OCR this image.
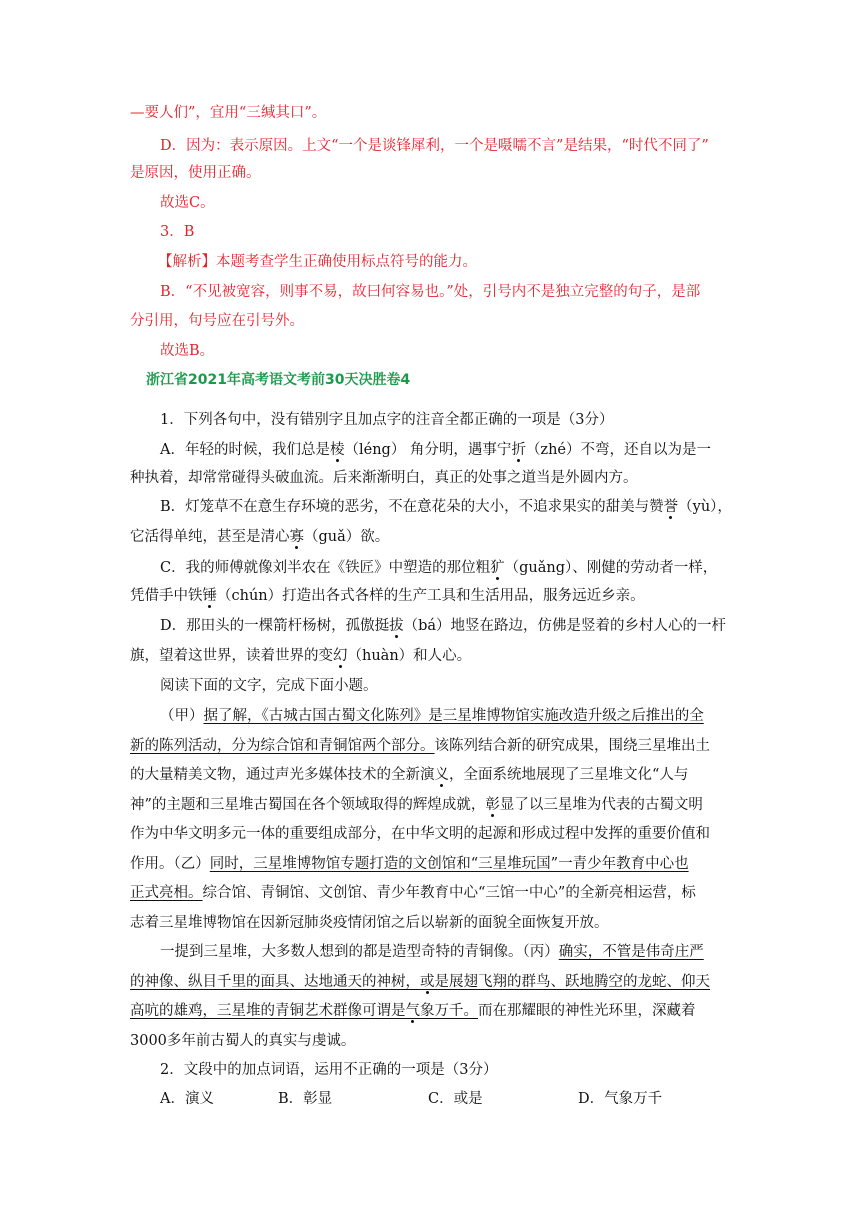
—要人们”，宜用“三缄其口”。
D．因为：表示原因。上文“一个是谈锋犀利，一个是嗫嚅不言”是结果，“时代不同了”
是原因，使用正确。
故选C。
3．B
【解析】本题考查学生正确使用标点符号的能力。
B．“不见被宽容，则事不易，故曰何容易也。”处，引号内不是独立完整的句子，是部
分引用，句号应在引号外。
故选B。
浙江省2021年高考语文考前30天决胜卷4
1．下列各句中，没有错别字且加点字的注音全都正确的一项是（3分）
A．年轻的时候，我们总是棱（léng） 角分明，遇事宁折（zhé）不弯，还自以为是一
种执着，却常常碰得头破血流。后来渐渐明白，真正的处事之道当是外圆内方。
B．灯笼草不在意生存环境的恶劣，不在意花朵的大小，不追求果实的甜美与赞誉（yù），
它活得单纯，甚至是清心寡（guǎ）欲。
C．我的师傅就像刘半农在《铁匠》中塑造的那位粗犷（guǎng）、刚健的劳动者一样，
凭借手中铁锤（chún）打造出各式各样的生产工具和生活用品，服务远近乡亲。
D．那田头的一棵箭杆杨树，孤傲挺拔（bá）地竖在路边，仿佛是竖着的乡村人心的一杆
旗，望着这世界，读着世界的变幻（huàn）和人心。
阅读下面的文字，完成下面小题。
（甲）据了解，《古城古国古蜀文化陈列》是三星堆博物馆实施改造升级之后推出的全
新的陈列活动，分为综合馆和青铜馆两个部分。该陈列结合新的研究成果，围绕三星堆出土
的大量精美文物，通过声光多媒体技术的全新演义，全面系统地展现了三星堆文化“人与
神”的主题和三星堆古蜀国在各个领域取得的辉煌成就，彰显了以三星堆为代表的古蜀文明
作为中华文明多元一体的重要组成部分，在中华文明的起源和形成过程中发挥的重要价值和
作用。（乙）同时，三星堆博物馆专题打造的文创馆和“三星堆玩国”一青少年教育中心也
正式亮相。综合馆、青铜馆、文创馆、青少年教育中心“三馆一中心”的全新亮相运营，标
志着三星堆博物馆在因新冠肺炎疫情闭馆之后以崭新的面貌全面恢复开放。
一提到三星堆，大多数人想到的都是造型奇特的青铜像。（丙）确实，不管是伟奇庄严
的神像、纵目千里的面具、达地通天的神树，或是展翅飞翔的群鸟、跃地腾空的龙蛇、仰天
高吭的雄鸡，三星堆的青铜艺术群像可谓是气象万千。而在那耀眼的神性光环里，深藏着
3000多年前古蜀人的真实与虔诚。
2．文段中的加点词语，运用不正确的一项是（3分）
A．演义	B．彰显	C．或是	D．气象万千
